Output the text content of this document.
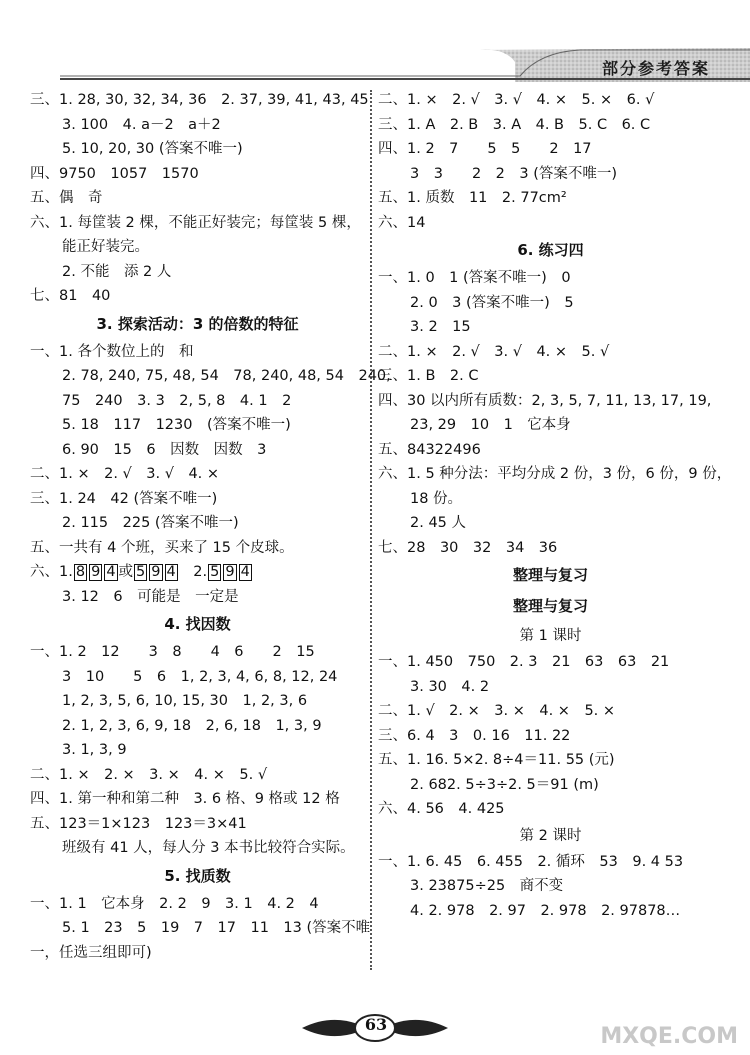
部分参考答案
三、1. 28, 30, 32, 34, 36　2. 37, 39, 41, 43, 45
3. 100　4. a－2　a＋2
5. 10, 20, 30 (答案不唯一)
四、9750　1057　1570
五、偶　奇
六、1. 每筐装 2 棵，不能正好装完；每筐装 5 棵，
能正好装完。
2. 不能　添 2 人
七、81　40
3. 探索活动：3 的倍数的特征
一、1. 各个数位上的　和
2. 78, 240, 75, 48, 54　78, 240, 48, 54　240,
75　240　3. 3　2, 5, 8　4. 1　2
5. 18　117　1230　(答案不唯一)
6. 90　15　6　因数　因数　3
二、1. ×　2. √　3. √　4. ×
三、1. 24　42 (答案不唯一)
2. 115　225 (答案不唯一)
五、一共有 4 个班，买来了 15 个皮球。
六、1. 8 9 4 或 5 9 4　2. 5 9 4
3. 12　6　可能是　一定是
4. 找因数
一、1. 2　12　　3　8　　4　6　　2　15
3　10　　5　6　1, 2, 3, 4, 6, 8, 12, 24
1, 2, 3, 5, 6, 10, 15, 30　1, 2, 3, 6
2. 1, 2, 3, 6, 9, 18　2, 6, 18　1, 3, 9
3. 1, 3, 9
二、1. ×　2. ×　3. ×　4. ×　5. √
四、1. 第一种和第二种　3. 6 格、9 格或 12 格
五、123＝1×123　123＝3×41
班级有 41 人，每人分 3 本书比较符合实际。
5. 找质数
一、1. 1　它本身　2. 2　9　3. 1　4. 2　4
5. 1　23　5　19　7　17　11　13 (答案不唯
一，任选三组即可)
二、1. ×　2. √　3. √　4. ×　5. ×　6. √
三、1. A　2. B　3. A　4. B　5. C　6. C
四、1. 2　7　　5　5　　2　17
3　3　　2　2　3 (答案不唯一)
五、1. 质数　11　2. 77cm²
六、14
6. 练习四
一、1. 0　1 (答案不唯一)　0
2. 0　3 (答案不唯一)　5
3. 2　15
二、1. ×　2. √　3. √　4. ×　5. √
三、1. B　2. C
四、30 以内所有质数：2, 3, 5, 7, 11, 13, 17, 19,
23, 29　10　1　它本身
五、84322496
六、1. 5 种分法：平均分成 2 份，3 份，6 份，9 份，
18 份。
2. 45 人
七、28　30　32　34　36
整理与复习
整理与复习
第 1 课时
一、1. 450　750　2. 3　21　63　63　21
3. 30　4. 2
二、1. √　2. ×　3. ×　4. ×　5. ×
三、6. 4　3　0. 16　11. 22
五、1. 16. 5×2. 8÷4＝11. 55 (元)
2. 682. 5÷3÷2. 5＝91 (m)
六、4. 56　4. 425
第 2 课时
一、1. 6. 45　6. 455　2. 循环　53　9. 4 53
3. 23875÷25　商不变
4. 2. 978　2. 97　2. 978　2. 97878…
63	MXQE.COM
